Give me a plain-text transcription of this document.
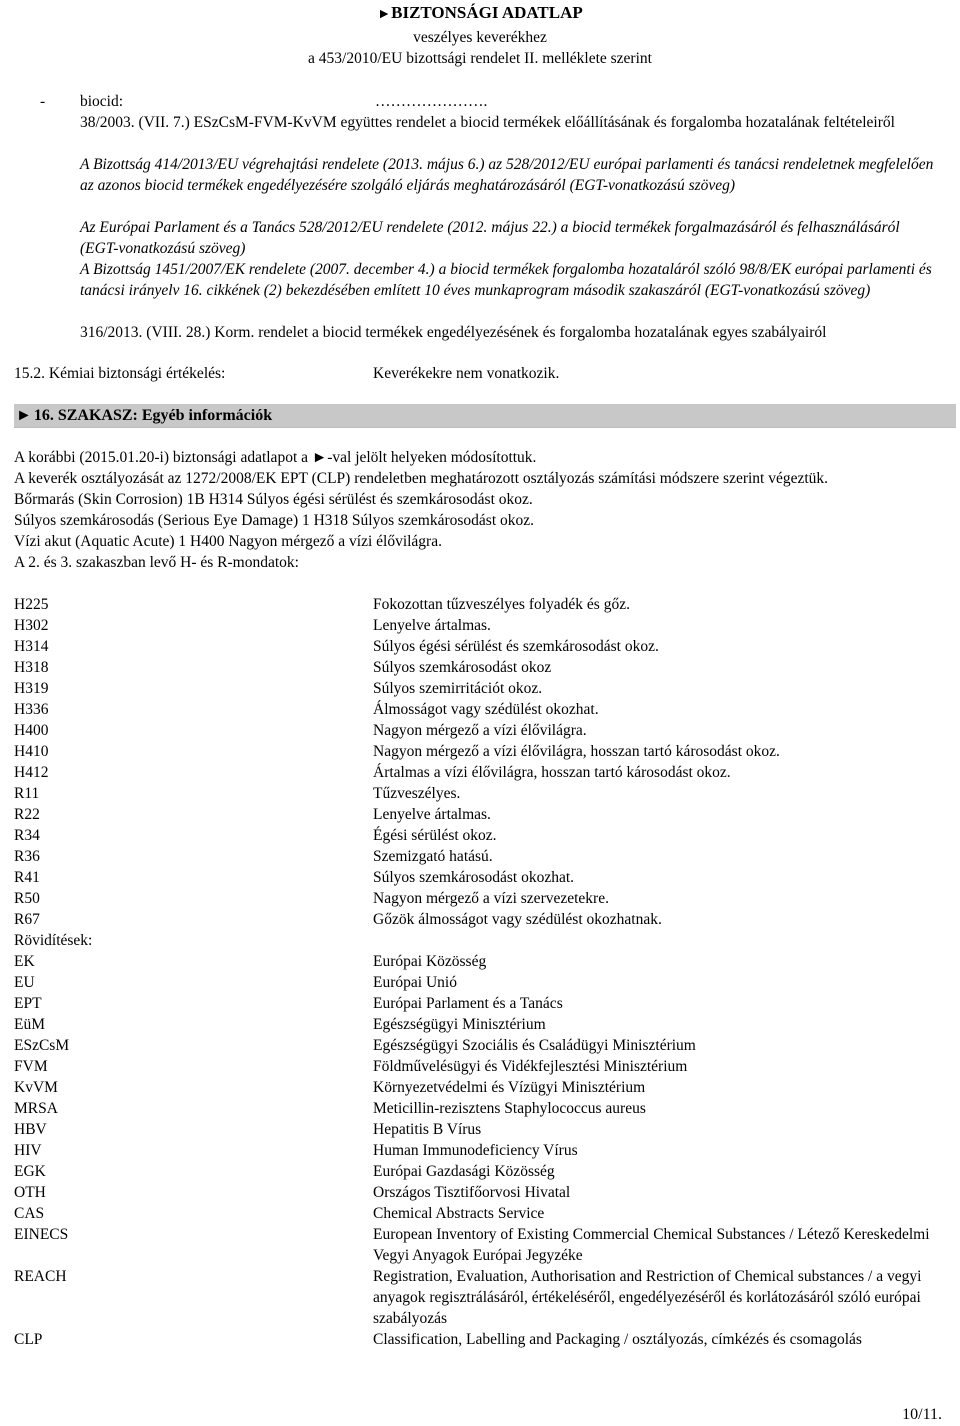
►BIZTONSÁGI ADATLAP
veszélyes keverékhez
a 453/2010/EU bizottsági rendelet II. melléklete szerint
- biocid:	………………….

38/2003. (VII. 7.) ESzCsM-FVM-KvVM együttes rendelet a biocid termékek előállításának és forgalomba hozatalának feltételeiről

A Bizottság 414/2013/EU végrehajtási rendelete (2013. május 6.) az 528/2012/EU európai parlamenti és tanácsi rendeletnek megfelelően az azonos biocid termékek engedélyezésére szolgáló eljárás meghatározásáról (EGT-vonatkozású szöveg)

Az Európai Parlament és a Tanács 528/2012/EU rendelete (2012. május 22.) a biocid termékek forgalmazásáról és felhasználásáról (EGT-vonatkozású szöveg)

A Bizottság 1451/2007/EK rendelete (2007. december 4.) a biocid termékek forgalomba hozataláról szóló 98/8/EK európai parlamenti és tanácsi irányelv 16. cikkének (2) bekezdésében említett 10 éves munkaprogram második szakaszáról (EGT-vonatkozású szöveg)

316/2013. (VIII. 28.) Korm. rendelet a biocid termékek engedélyezésének és forgalomba hozatalának egyes szabályairól

15.2. Kémiai biztonsági értékelés:	Keverékekre nem vonatkozik.
► 16. SZAKASZ: Egyéb információk

A korábbi (2015.01.20-i) biztonsági adatlapot a ►-val jelölt helyeken módosítottuk.

A keverék osztályozását az 1272/2008/EK EPT (CLP) rendeletben meghatározott osztályozás számítási módszere szerint végeztük.

Bőrmarás (Skin Corrosion) 1B H314 Súlyos égési sérülést és szemkárosodást okoz.

Súlyos szemkárosodás (Serious Eye Damage) 1 H318 Súlyos szemkárosodást okoz.

Vízi akut (Aquatic Acute) 1 H400 Nagyon mérgező a vízi élővilágra.

A 2. és 3. szakaszban levő H- és R-mondatok:

H225	Fokozottan tűzveszélyes folyadék és gőz.
H302	Lenyelve ártalmas.
H314	Súlyos égési sérülést és szemkárosodást okoz.
H318	Súlyos szemkárosodást okoz
H319	Súlyos szemirritációt okoz.
H336	Álmosságot vagy szédülést okozhat.
H400	Nagyon mérgező a vízi élővilágra.
H410	Nagyon mérgező a vízi élővilágra, hosszan tartó károsodást okoz.
H412	Ártalmas a vízi élővilágra, hosszan tartó károsodást okoz.
R11	Tűzveszélyes.
R22	Lenyelve ártalmas.
R34	Égési sérülést okoz.
R36	Szemizgató hatású.
R41	Súlyos szemkárosodást okozhat.
R50	Nagyon mérgező a vízi szervezetekre.
R67	Gőzök álmosságot vagy szédülést okozhatnak.
Rövidítések:
EK	Európai Közösség
EU	Európai Unió
EPT	Európai Parlament és a Tanács
EüM	Egészségügyi Minisztérium
ESzCsM	Egészségügyi Szociális és Családügyi Minisztérium
FVM	Földművelésügyi és Vidékfejlesztési Minisztérium
KvVM	Környezetvédelmi és Vízügyi Minisztérium
MRSA	Meticillin-rezisztens Staphylococcus aureus
HBV	Hepatitis B Vírus
HIV	Human Immunodeficiency Vírus
EGK	Európai Gazdasági Közösség
OTH	Országos Tisztifőorvosi Hivatal
CAS	Chemical Abstracts Service
EINECS	European Inventory of Existing Commercial Chemical Substances / Létező Kereskedelmi Vegyi Anyagok Európai Jegyzéke
REACH	Registration, Evaluation, Authorisation and Restriction of Chemical substances / a vegyi anyagok regisztrálásáról, értékeléséről, engedélyezéséről és korlátozásáról szóló európai szabályozás
CLP	Classification, Labelling and Packaging / osztályozás, címkézés és csomagolás
10/11.
